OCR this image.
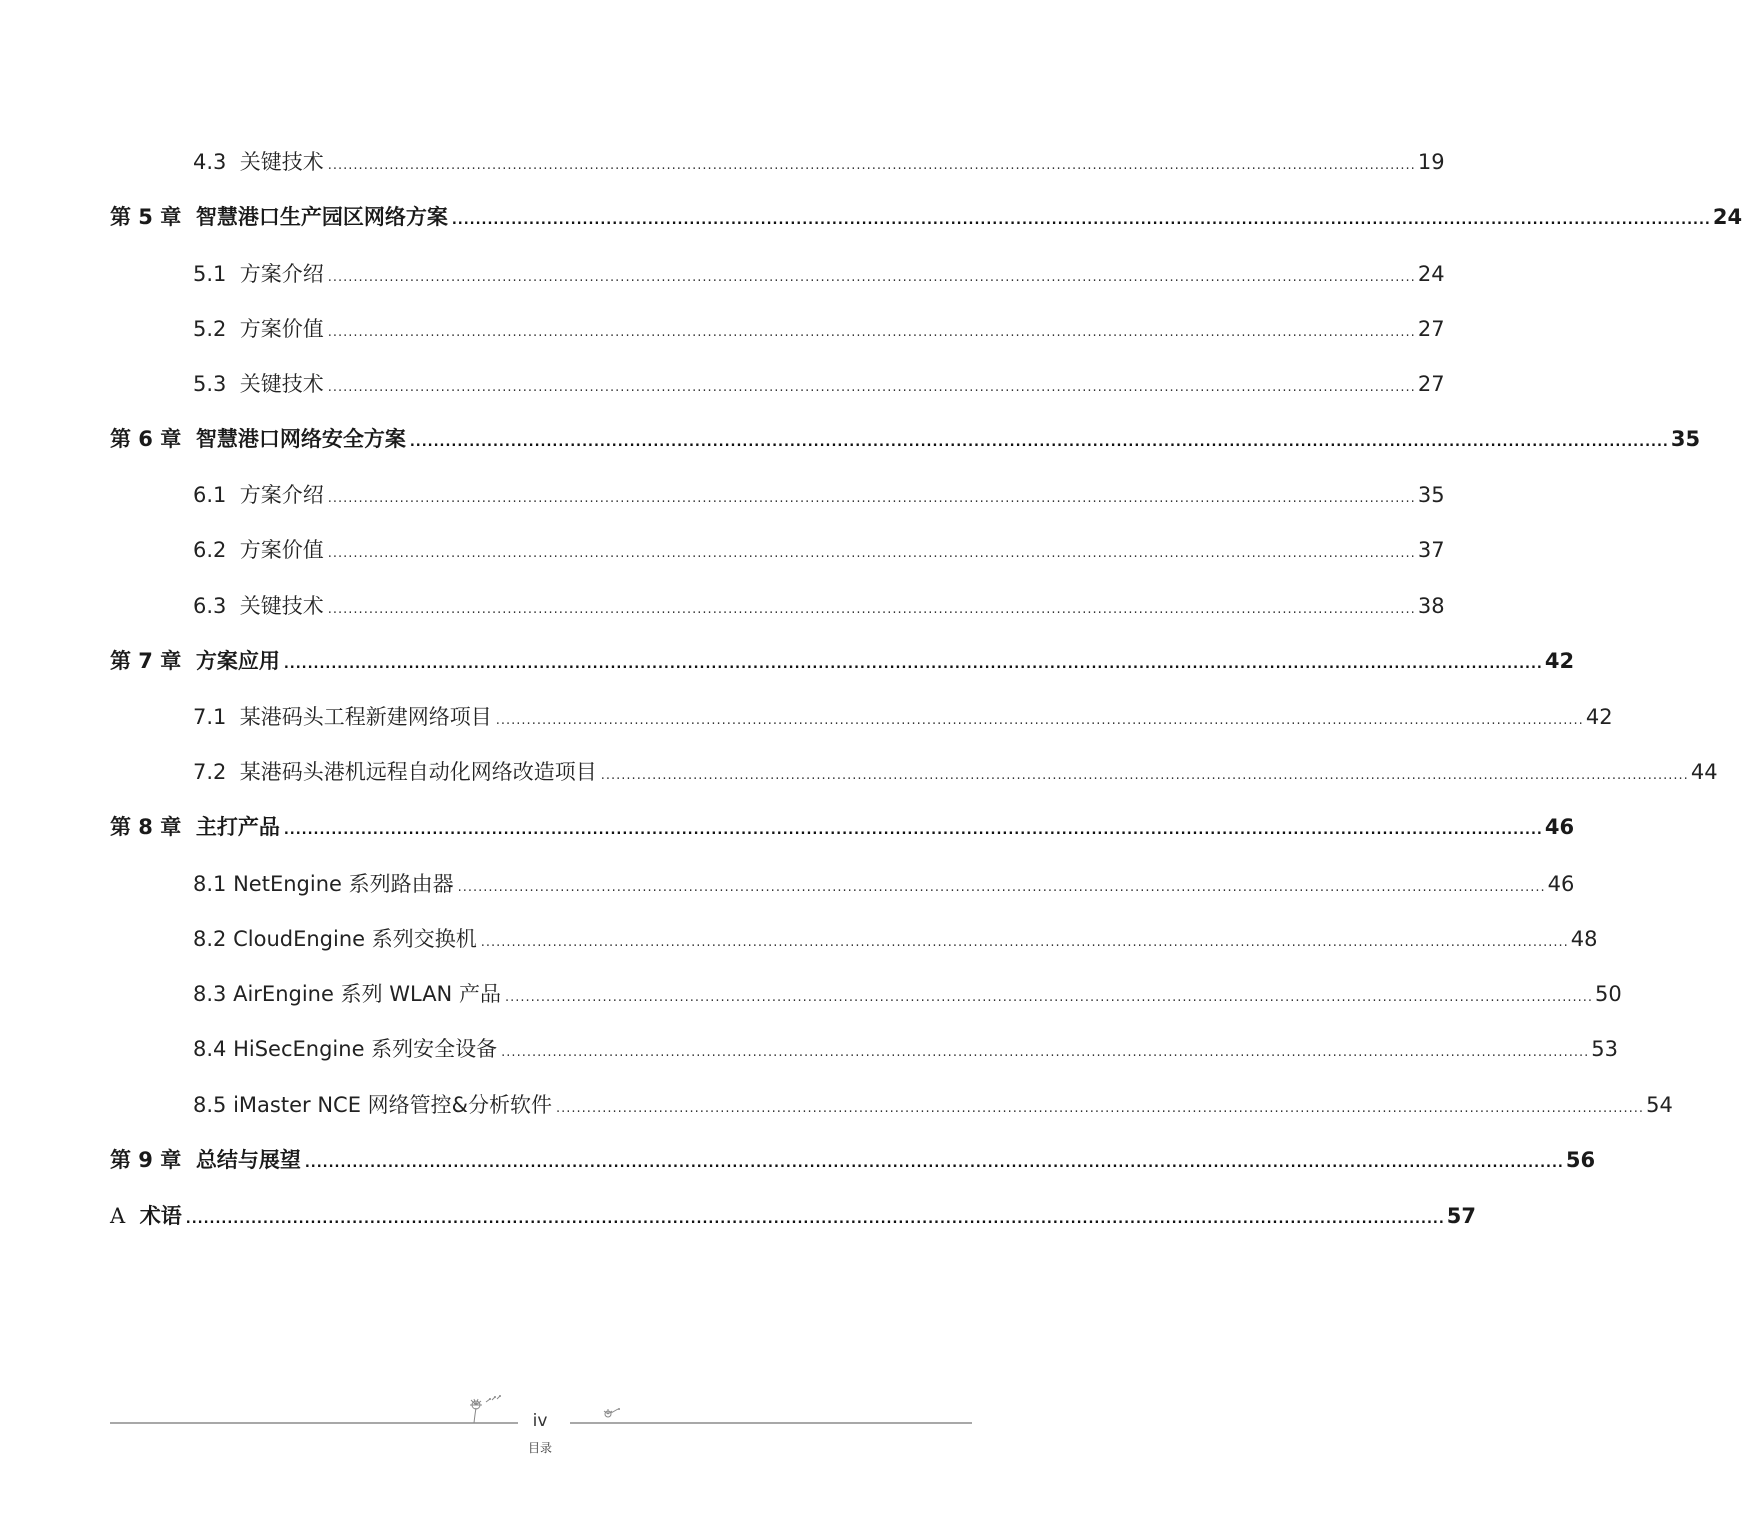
4.3 关键技术 .................................................................................................................................................................................................................... 19
第 5 章 智慧港口生产园区网络方案 .................................................................................................................................................................................................................... 24
5.1 方案介绍 .................................................................................................................................................................................................................... 24
5.2 方案价值 .................................................................................................................................................................................................................... 27
5.3 关键技术 .................................................................................................................................................................................................................... 27
第 6 章 智慧港口网络安全方案 .................................................................................................................................................................................................................... 35
6.1 方案介绍 .................................................................................................................................................................................................................... 35
6.2 方案价值 .................................................................................................................................................................................................................... 37
6.3 关键技术 .................................................................................................................................................................................................................... 38
第 7 章 方案应用 .................................................................................................................................................................................................................... 42
7.1 某港码头工程新建网络项目 .................................................................................................................................................................................................................... 42
7.2 某港码头港机远程自动化网络改造项目 .................................................................................................................................................................................................................... 44
第 8 章 主打产品 .................................................................................................................................................................................................................... 46
8.1 NetEngine 系列路由器 .................................................................................................................................................................................................................... 46
8.2 CloudEngine 系列交换机 .................................................................................................................................................................................................................... 48
8.3 AirEngine 系列 WLAN 产品 .................................................................................................................................................................................................................... 50
8.4 HiSecEngine 系列安全设备 .................................................................................................................................................................................................................... 53
8.5 iMaster NCE 网络管控&分析软件 .................................................................................................................................................................................................................... 54
第 9 章 总结与展望 .................................................................................................................................................................................................................... 56
A 术语 .................................................................................................................................................................................................................... 57
iv
目录
